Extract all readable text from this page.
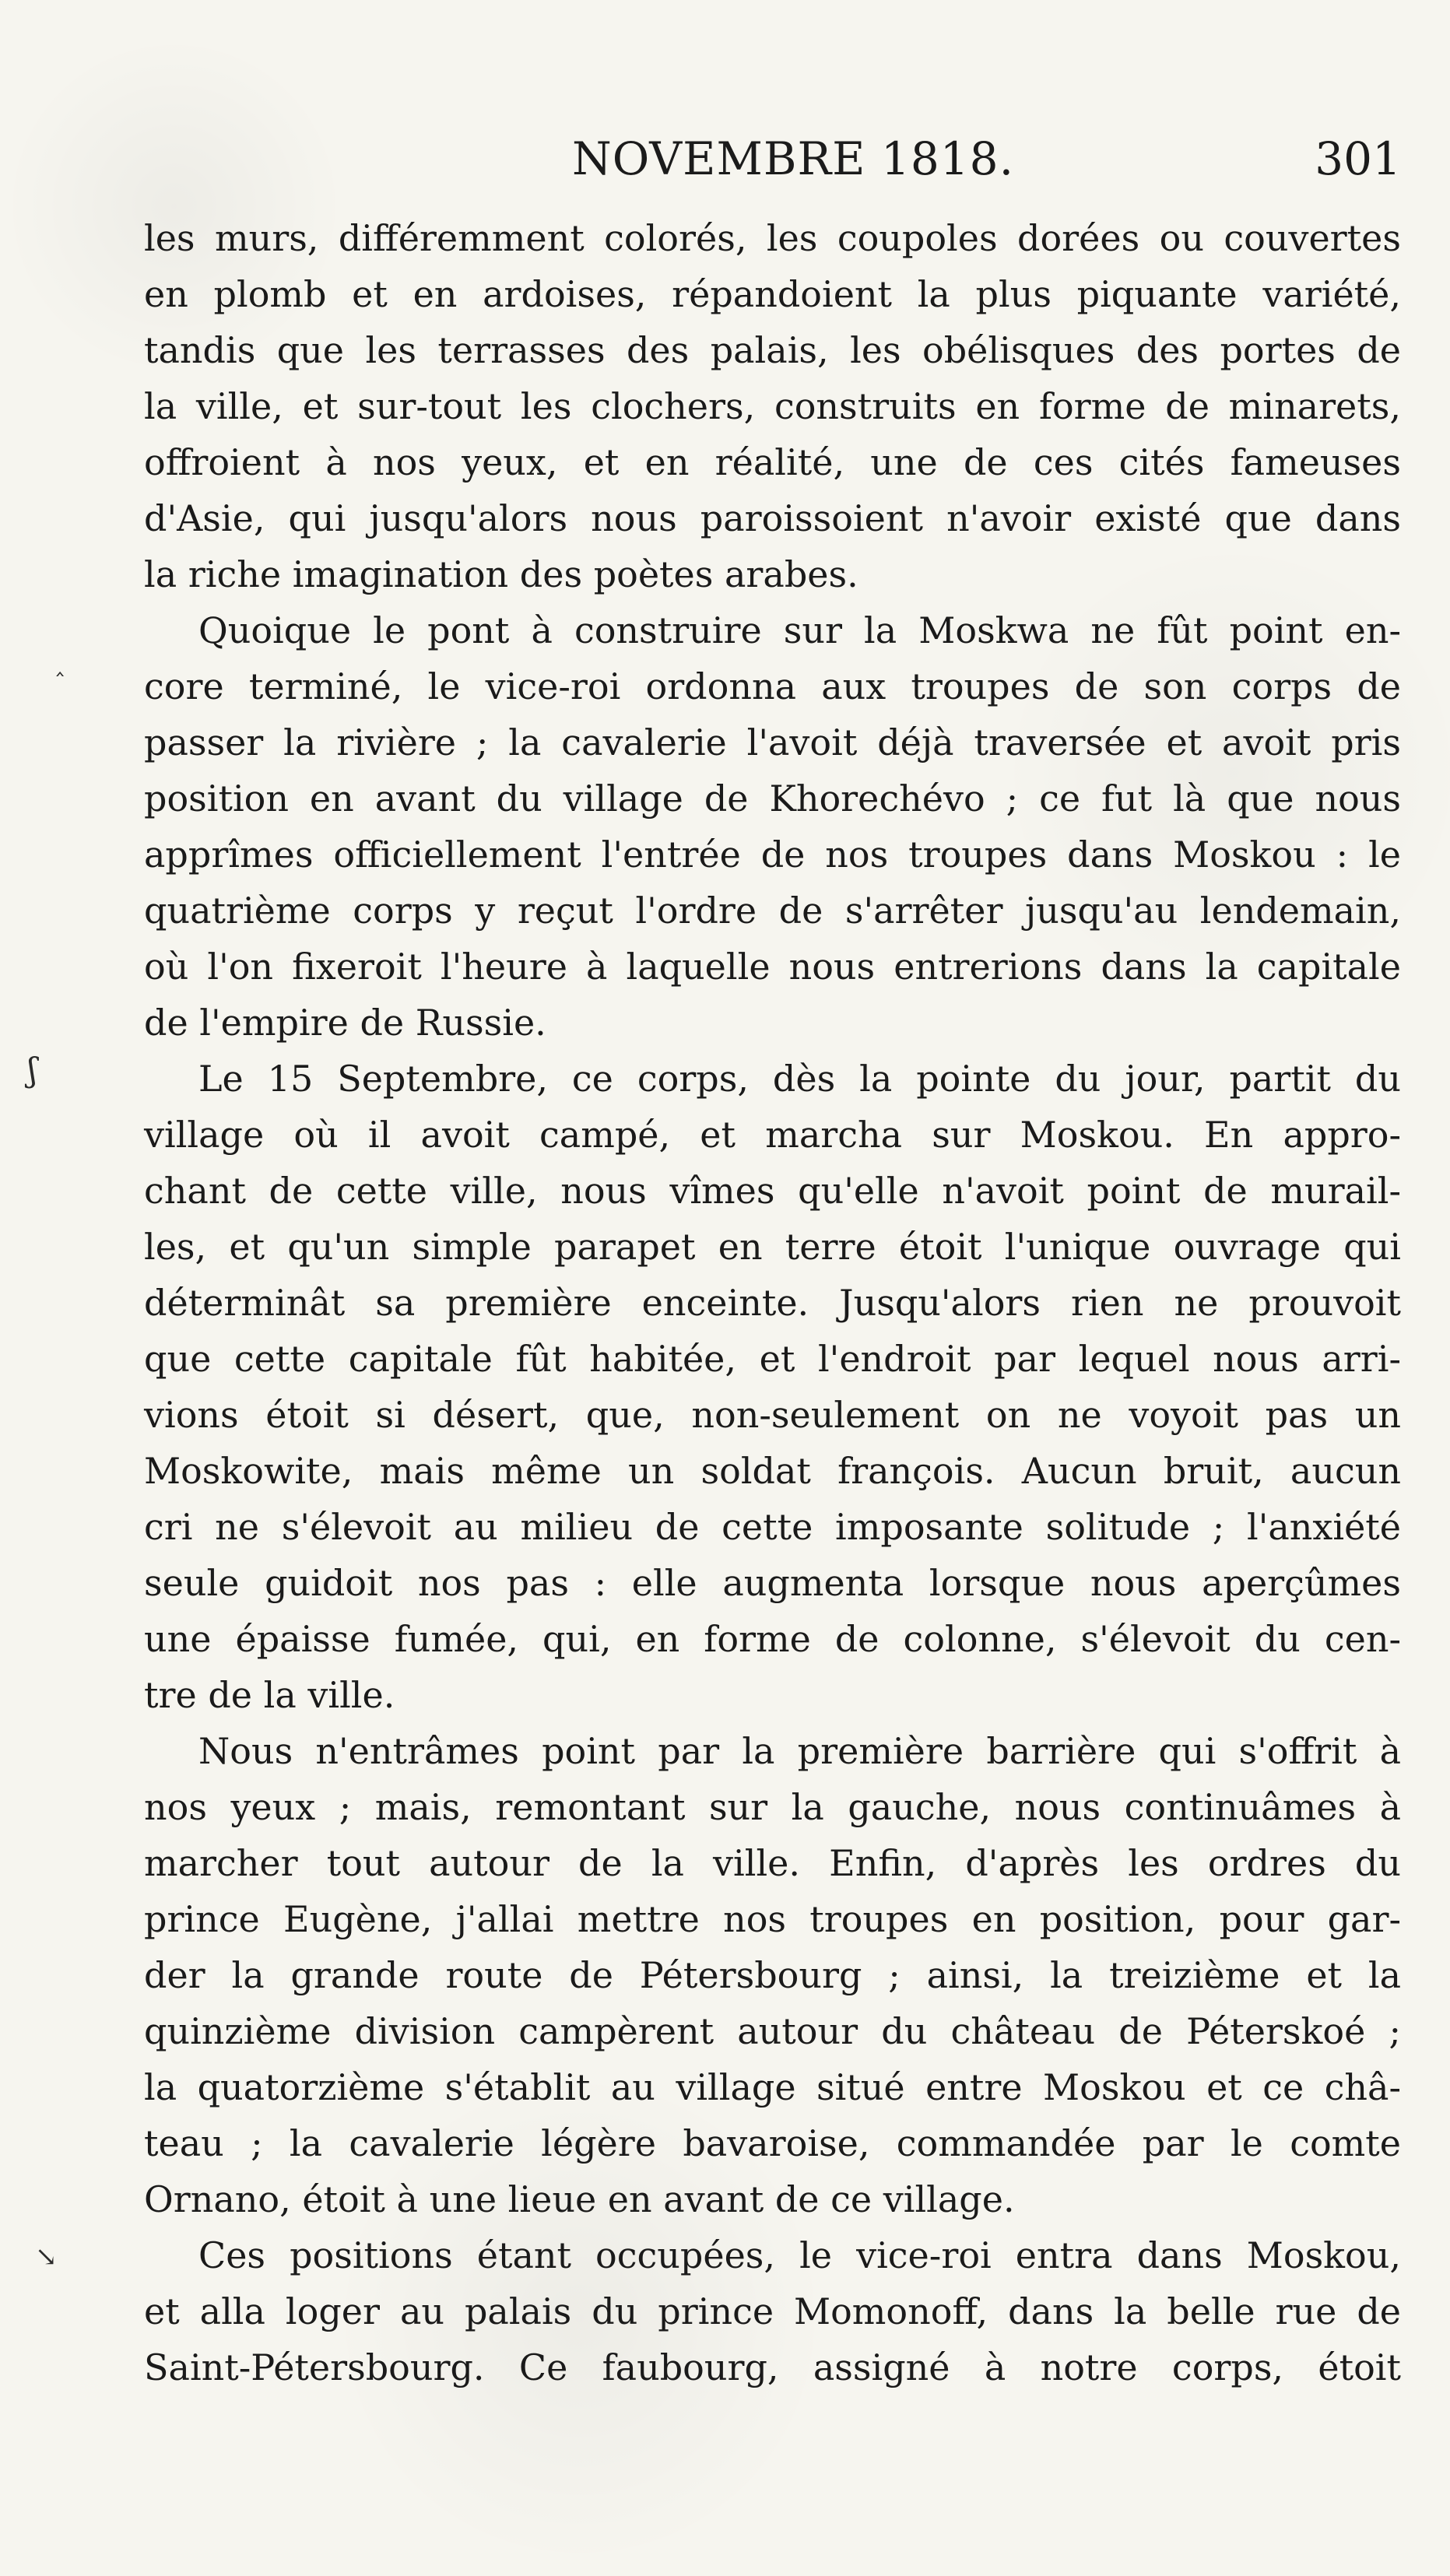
NOVEMBRE 1818.	301
les murs, différemment colorés, les coupoles dorées ou couvertes
en plomb et en ardoises, répandoient la plus piquante variété,
tandis que les terrasses des palais, les obélisques des portes de
la ville, et sur-tout les clochers, construits en forme de minarets,
offroient à nos yeux, et en réalité, une de ces cités fameuses
d'Asie, qui jusqu'alors nous paroissoient n'avoir existé que dans
la riche imagination des poètes arabes.
Quoique le pont à construire sur la Moskwa ne fût point en-
core terminé, le vice-roi ordonna aux troupes de son corps de
passer la rivière ; la cavalerie l'avoit déjà traversée et avoit pris
position en avant du village de Khorechévo ; ce fut là que nous
apprîmes officiellement l'entrée de nos troupes dans Moskou : le
quatrième corps y reçut l'ordre de s'arrêter jusqu'au lendemain,
où l'on fixeroit l'heure à laquelle nous entrerions dans la capitale
de l'empire de Russie.
Le 15 Septembre, ce corps, dès la pointe du jour, partit du
village où il avoit campé, et marcha sur Moskou. En appro-
chant de cette ville, nous vîmes qu'elle n'avoit point de murail-
les, et qu'un simple parapet en terre étoit l'unique ouvrage qui
déterminât sa première enceinte. Jusqu'alors rien ne prouvoit
que cette capitale fût habitée, et l'endroit par lequel nous arri-
vions étoit si désert, que, non-seulement on ne voyoit pas un
Moskowite, mais même un soldat françois. Aucun bruit, aucun
cri ne s'élevoit au milieu de cette imposante solitude ; l'anxiété
seule guidoit nos pas : elle augmenta lorsque nous aperçûmes
une épaisse fumée, qui, en forme de colonne, s'élevoit du cen-
tre de la ville.
Nous n'entrâmes point par la première barrière qui s'offrit à
nos yeux ; mais, remontant sur la gauche, nous continuâmes à
marcher tout autour de la ville. Enfin, d'après les ordres du
prince Eugène, j'allai mettre nos troupes en position, pour gar-
der la grande route de Pétersbourg ; ainsi, la treizième et la
quinzième division campèrent autour du château de Péterskoé ;
la quatorzième s'établit au village situé entre Moskou et ce châ-
teau ; la cavalerie légère bavaroise, commandée par le comte
Ornano, étoit à une lieue en avant de ce village.
Ces positions étant occupées, le vice-roi entra dans Moskou,
et alla loger au palais du prince Momonoff, dans la belle rue de
Saint-Pétersbourg. Ce faubourg, assigné à notre corps, étoit
‸
ʃ
↘
